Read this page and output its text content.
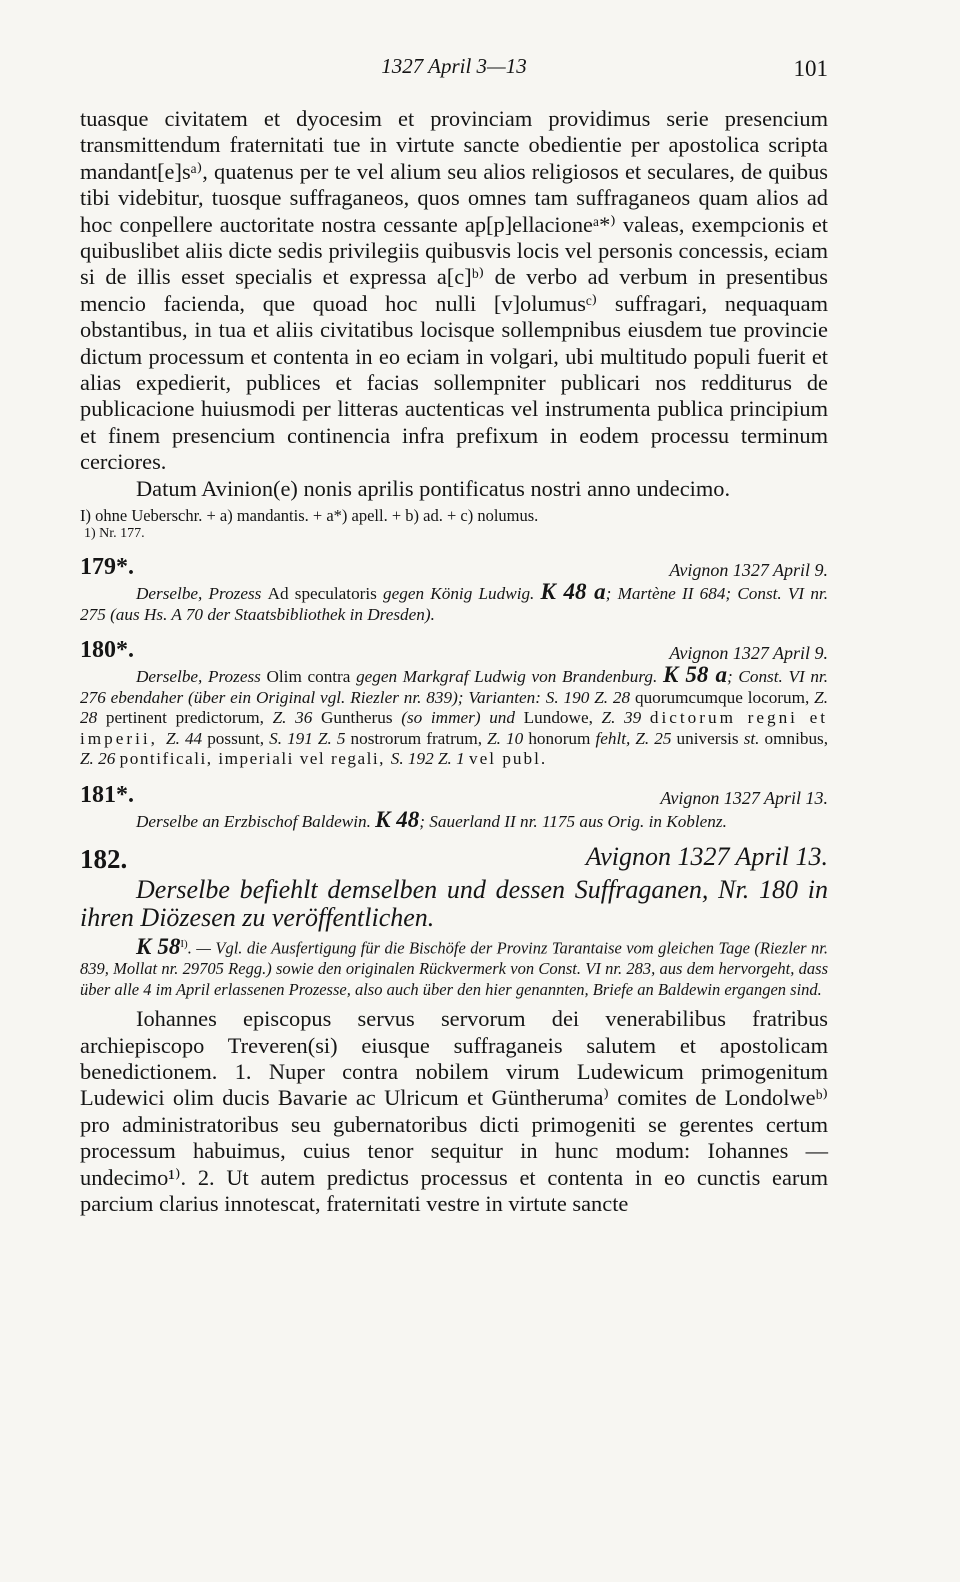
1327 April 3—13	101

tuasque civitatem et dyocesim et provinciam providimus serie presencium transmittendum fraternitati tue in virtute sancte obedientie per apostolica scripta mandant[e]sᵃ⁾, quatenus per te vel alium seu alios religiosos et seculares, de quibus tibi videbitur, tuosque suffraganeos, quos omnes tam suffraganeos quam alios ad hoc conpellere auctoritate nostra cessante ap[p]ellacioneᵃ*⁾ valeas, exempcionis et quibuslibet aliis dicte sedis privilegiis quibusvis locis vel personis concessis, eciam si de illis esset specialis et expressa a[c]ᵇ⁾ de verbo ad verbum in presentibus mencio facienda, que quoad hoc nulli [v]olumusᶜ⁾ suffragari, nequaquam obstantibus, in tua et aliis civitatibus locisque sollempnibus eiusdem tue provincie dictum processum et contenta in eo eciam in volgari, ubi multitudo populi fuerit et alias expedierit, publices et facias sollempniter publicari nos redditurus de publicacione huiusmodi per litteras auctenticas vel instrumenta publica principium et finem presencium continencia infra prefixum in eodem processu terminum cerciores.

Datum Avinion(e) nonis aprilis pontificatus nostri anno undecimo.

I) ohne Ueberschr. + a) mandantis. + a*) apell. + b) ad. + c) nolumus.
1) Nr. 177.
179*.	Avignon 1327 April 9.
Derselbe, Prozess Ad speculatoris gegen König Ludwig. K 48 a; Martène II 684; Const. VI nr. 275 (aus Hs. A 70 der Staatsbibliothek in Dresden).
180*.	Avignon 1327 April 9.
Derselbe, Prozess Olim contra gegen Markgraf Ludwig von Brandenburg. K 58 a; Const. VI nr. 276 ebendaher (über ein Original vgl. Riezler nr. 839); Varianten: S. 190 Z. 28 quorumcumque locorum, Z. 28 pertinent predictorum, Z. 36 Guntherus (so immer) und Lundowe, Z. 39 dictorum regni et imperii, Z. 44 possunt, S. 191 Z. 5 nostrorum fratrum, Z. 10 honorum fehlt, Z. 25 universis st. omnibus, Z. 26 pontificali, imperiali vel regali, S. 192 Z. 1 vel publ.
181*.	Avignon 1327 April 13.
Derselbe an Erzbischof Baldewin. K 48; Sauerland II nr. 1175 aus Orig. in Koblenz.
182.	Avignon 1327 April 13.
Derselbe befiehlt demselben und dessen Suffraganen, Nr. 180 in ihren Diözesen zu veröffentlichen.
K $58^{I)}$. — Vgl. die Ausfertigung für die Bischöfe der Provinz Tarantaise vom gleichen Tage (Riezler nr. 839, Mollat nr. 29705 Regg.) sowie den originalen Rückvermerk von Const. VI nr. 283, aus dem hervorgeht, dass über alle 4 im April erlassenen Prozesse, also auch über den hier genannten, Briefe an Baldewin ergangen sind.
Iohannes episcopus servus servorum dei venerabilibus fratribus archiepiscopo Treveren(si) eiusque suffraganeis salutem et apostolicam benedictionem. 1. Nuper contra nobilem virum Ludewicum primogenitum Ludewici olim ducis Bavarie ac Ulricum et Güntheruma⁾ comites de Londolweᵇ⁾ pro administratoribus seu gubernatoribus dicti primogeniti se gerentes certum processum habuimus, cuius tenor sequitur in hunc modum: Iohannes — undecimo¹⁾. 2. Ut autem predictus processus et contenta in eo cunctis earum parcium clarius innotescat, fraternitati vestre in virtute sancte
